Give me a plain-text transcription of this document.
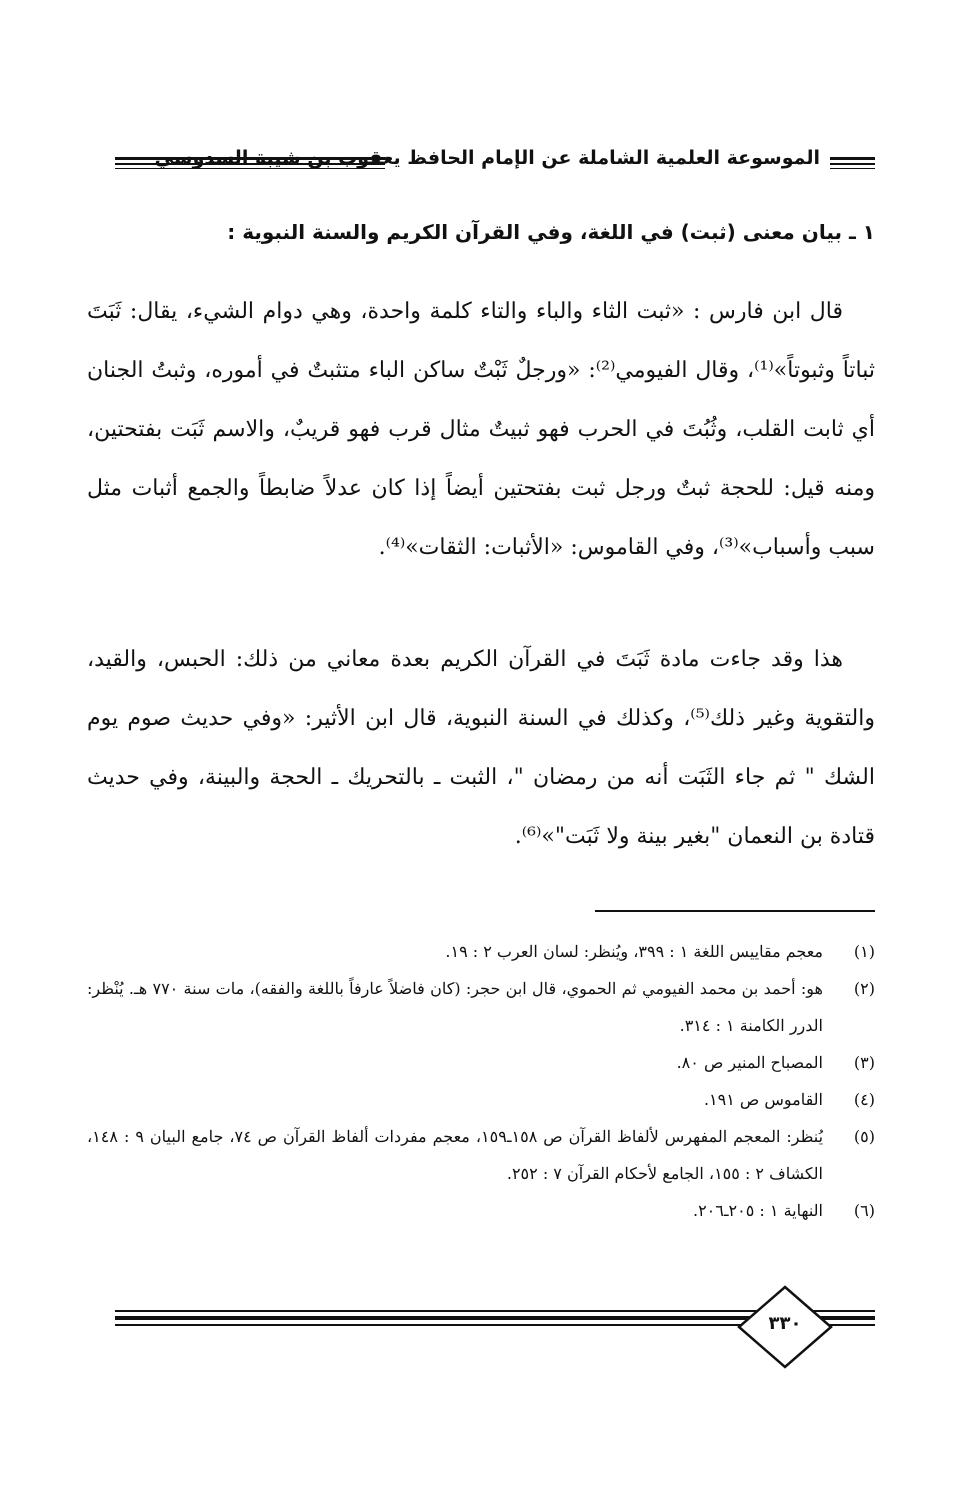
الموسوعة العلمية الشاملة عن الإمام الحافظ يعقوب بن شيبة السدوسي
١ ـ بيان معنى (ثبت) في اللغة، وفي القرآن الكريم والسنة النبوية :

قال ابن فارس : «ثبت الثاء والباء والتاء كلمة واحدة، وهي دوام الشيء، يقال: ثَبَتَ ثباتاً وثبوتاً»⁽¹⁾، وقال الفيومي⁽²⁾: «ورجلٌ ثَبْتٌ ساكن الباء متثبتٌ في أموره، وثبتُ الجنان أي ثابت القلب، وثُبُتَ في الحرب فهو ثبيتٌ مثال قرب فهو قريبٌ، والاسم ثَبَت بفتحتين، ومنه قيل: للحجة ثبتٌ ورجل ثبت بفتحتين أيضاً إذا كان عدلاً ضابطاً والجمع أثبات مثل سبب وأسباب»⁽³⁾، وفي القاموس: «الأثبات: الثقات»⁽⁴⁾.

هذا وقد جاءت مادة ثَبَتَ في القرآن الكريم بعدة معاني من ذلك: الحبس، والقيد، والتقوية وغير ذلك⁽⁵⁾، وكذلك في السنة النبوية، قال ابن الأثير: «وفي حديث صوم يوم الشك " ثم جاء الثَبَت أنه من رمضان "، الثبت ـ بالتحريك ـ الحجة والبينة، وفي حديث قتادة بن النعمان "بغير بينة ولا ثَبَت"»⁽⁶⁾.

(١)
معجم مقاييس اللغة ١ : ٣٩٩، ويُنظر: لسان العرب ٢ : ١٩.
(٢)
هو: أحمد بن محمد الفيومي ثم الحموي، قال ابن حجر: (كان فاضلاً عارفاً باللغة والفقه)، مات سنة ٧٧٠ هـ. يُنْظر: الدرر الكامنة ١ : ٣١٤.
(٣)
المصباح المنير ص ٨٠.
(٤)
القاموس ص ١٩١.
(٥)
يُنظر: المعجم المفهرس لألفاظ القرآن ص ١٥٨ـ١٥٩، معجم مفردات ألفاظ القرآن ص ٧٤، جامع البيان ٩ : ١٤٨، الكشاف ٢ : ١٥٥، الجامع لأحكام القرآن ٧ : ٢٥٢.
(٦)
النهاية ١ : ٢٠٥ـ٢٠٦.
٣٣٠
